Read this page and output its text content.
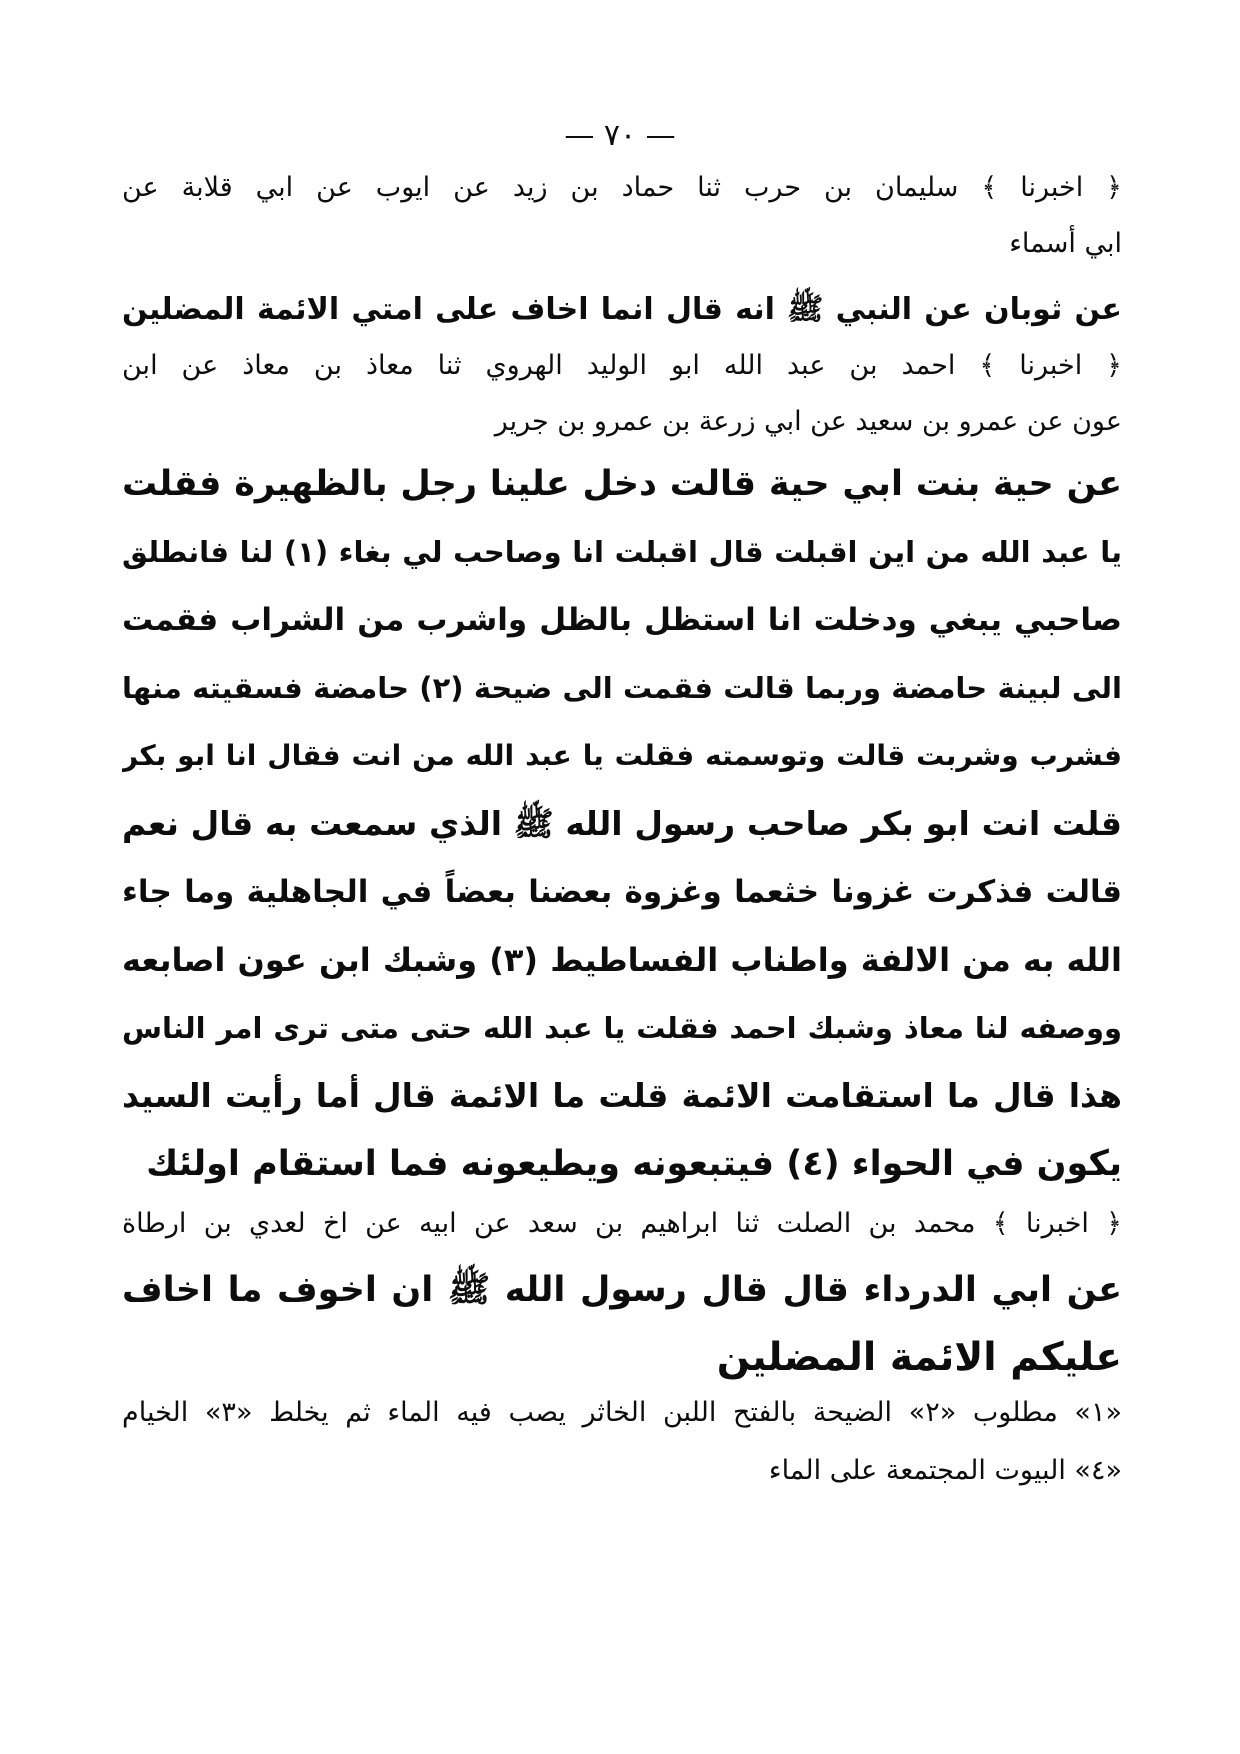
— ٧٠ —
﴿ اخبرنا ﴾ سليمان بن حرب ثنا حماد بن زيد عن ايوب عن ابي قلابة عن
ابي أسماء
عن ثوبان عن النبي ﷺ انه قال انما اخاف على امتي الائمة المضلين
﴿ اخبرنا ﴾ احمد بن عبد الله ابو الوليد الهروي ثنا معاذ بن معاذ عن ابن
عون عن عمرو بن سعيد عن ابي زرعة بن عمرو بن جرير
عن حية بنت ابي حية قالت دخل علينا رجل بالظهيرة فقلت
يا عبد الله من اين اقبلت قال اقبلت انا وصاحب لي بغاء (١) لنا فانطلق
صاحبي يبغي ودخلت انا استظل بالظل واشرب من الشراب فقمت
الى لبينة حامضة وربما قالت فقمت الى ضيحة (٢) حامضة فسقيته منها
فشرب وشربت قالت وتوسمته فقلت يا عبد الله من انت فقال انا ابو بكر
قلت انت ابو بكر صاحب رسول الله ﷺ الذي سمعت به قال نعم
قالت فذكرت غزونا خثعما وغزوة بعضنا بعضاً في الجاهلية وما جاء
الله به من الالفة واطناب الفساطيط (٣) وشبك ابن عون اصابعه
ووصفه لنا معاذ وشبك احمد فقلت يا عبد الله حتى متى ترى امر الناس
هذا قال ما استقامت الائمة قلت ما الائمة قال أما رأيت السيد
يكون في الحواء (٤) فيتبعونه ويطيعونه فما استقام اولئك
﴿ اخبرنا ﴾ محمد بن الصلت ثنا ابراهيم بن سعد عن ابيه عن اخ لعدي بن ارطاة
عن ابي الدرداء قال قال رسول الله ﷺ ان اخوف ما اخاف
عليكم الائمة المضلين
«١» مطلوب «٢» الضيحة بالفتح اللبن الخاثر يصب فيه الماء ثم يخلط «٣» الخيام
«٤» البيوت المجتمعة على الماء
